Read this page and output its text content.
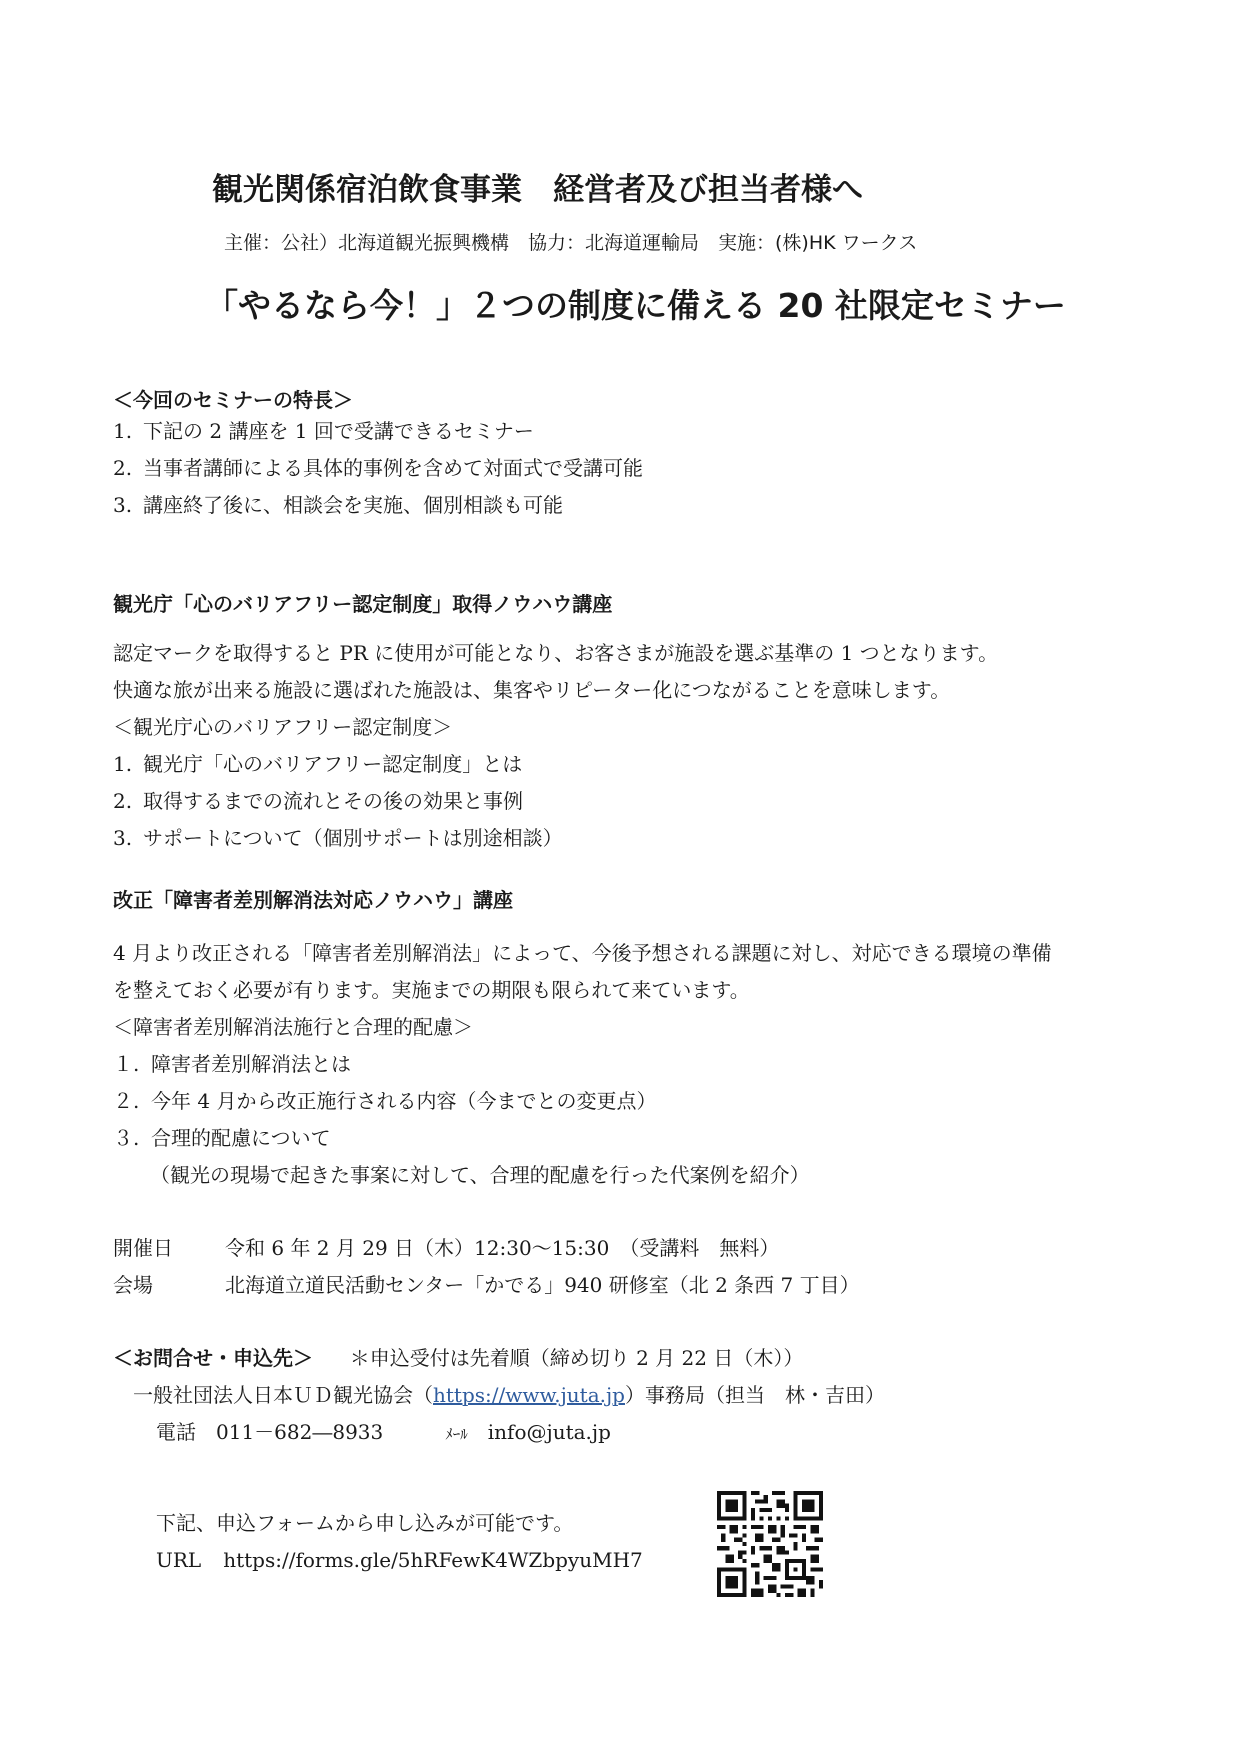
観光関係宿泊飲食事業　経営者及び担当者様へ
主催：公社）北海道観光振興機構　協力：北海道運輸局　実施：(株)HK ワークス
「やるなら今！」２つの制度に備える 20 社限定セミナー
＜今回のセミナーの特長＞
1. 下記の 2 講座を 1 回で受講できるセミナー
2. 当事者講師による具体的事例を含めて対面式で受講可能
3. 講座終了後に、相談会を実施、個別相談も可能
観光庁「心のバリアフリー認定制度」取得ノウハウ講座
認定マークを取得すると PR に使用が可能となり、お客さまが施設を選ぶ基準の 1 つとなります。
快適な旅が出来る施設に選ばれた施設は、集客やリピーター化につながることを意味します。
＜観光庁心のバリアフリー認定制度＞
1. 観光庁「心のバリアフリー認定制度」とは
2. 取得するまでの流れとその後の効果と事例
3. サポートについて（個別サポートは別途相談）
改正「障害者差別解消法対応ノウハウ」講座
4 月より改正される「障害者差別解消法」によって、今後予想される課題に対し、対応できる環境の準備
を整えておく必要が有ります。実施までの期限も限られて来ています。
＜障害者差別解消法施行と合理的配慮＞
１. 障害者差別解消法とは
２. 今年 4 月から改正施行される内容（今までとの変更点）
３. 合理的配慮について
（観光の現場で起きた事案に対して、合理的配慮を行った代案例を紹介）
開催日	令和 6 年 2 月 29 日（木）12:30～15:30　（受講料　無料）
会場	北海道立道民活動センター「かでる」940 研修室（北 2 条西 7 丁目）
＜お問合せ・申込先＞ ＊申込受付は先着順（締め切り 2 月 22 日（木））
一般社団法人日本ＵＤ観光協会（https://www.juta.jp）事務局（担当　林・吉田）
電話 011－682―8933	ﾒｰﾙ info@juta.jp
下記、申込フォームから申し込みが可能です。
URL https://forms.gle/5hRFewK4WZbpyuMH7
